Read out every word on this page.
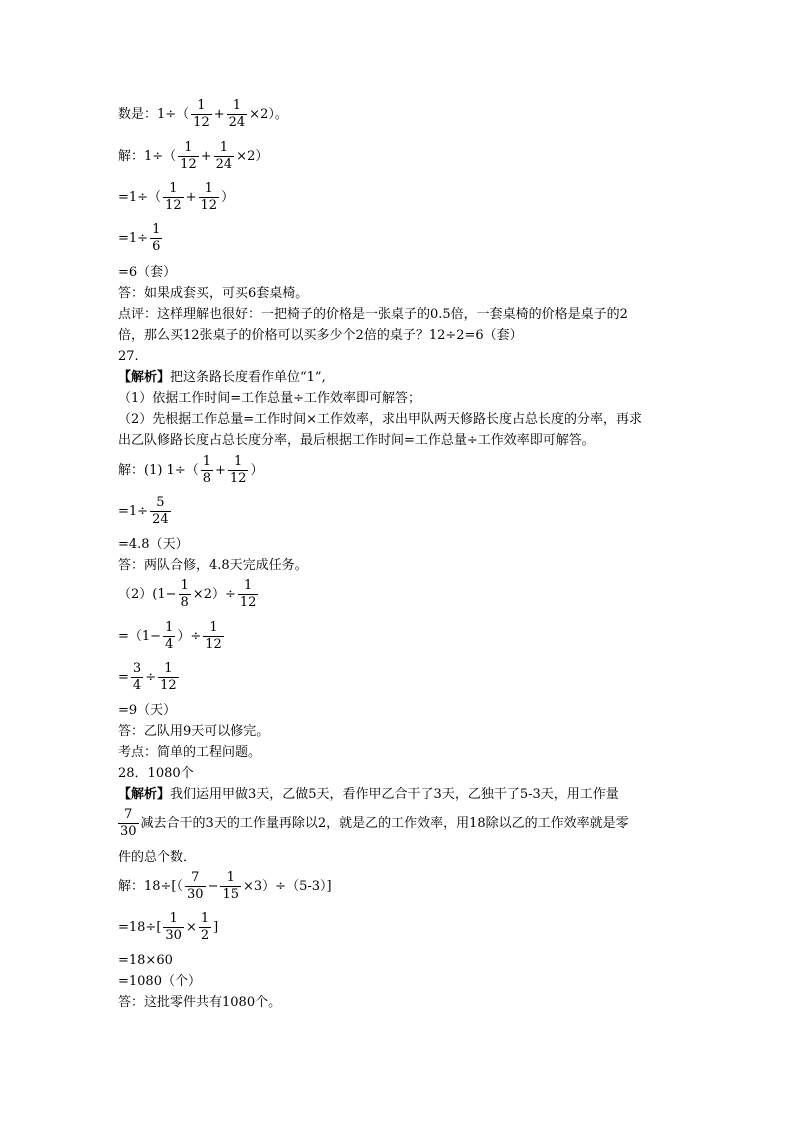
数是：$1\div( \frac{1}{12} + \frac{1}{24} \times 2)$。
解：$1\div( \frac{1}{12} + \frac{1}{24} \times 2)$
$=1\div( \frac{1}{12} + \frac{1}{12}$ ）
$=1\div \frac{1}{6}$
=6（套）
答：如果成套买，可买6套桌椅。
点评：这样理解也很好：一把椅子的价格是一张桌子的0.5倍，一套桌椅的价格是桌子的2
倍，那么买12张桌子的价格可以买多少个2倍的桌子？12÷2=6（套）
27.
【解析】 把这条路长度看作单位“1”,
（1）依据工作时间=工作总量÷工作效率即可解答；
（2）先根据工作总量=工作时间×工作效率，求出甲队两天修路长度占总长度的分率，再求
出乙队修路长度占总长度分率，最后根据工作时间=工作总量÷工作效率即可解答。
解：(1) $1\div( \frac{1}{8} + \frac{1}{12}$ ）
$=1\div \frac{5}{24}$
=4.8（天）
答：两队合修，4.8天完成任务。
$(2)(1- \frac{1}{8} \times 2)\div \frac{1}{12}$
$=(1- \frac{1}{4}$ ）÷ $\frac{1}{12}$
= $\frac{3}{4} \div \frac{1}{12}$
=9（天）
答：乙队用9天可以修完。
考点：简单的工程问题。
28．1080个
【解析】 我们运用甲做3天，乙做5天，看作甲乙合干了3天，乙独干了5-3天，用工作量
$\frac{7}{30}$ 减去合干的3天的工作量再除以2，就是乙的工作效率，用18除以乙的工作效率就是零
件的总个数．
解：$18\div[( \frac{7}{30} - \frac{1}{15} \times 3)\div(5-3)]$
$=18\div[ \frac{1}{30} \times \frac{1}{2}$ ]
=18×60
=1080（个）
答：这批零件共有1080个。
